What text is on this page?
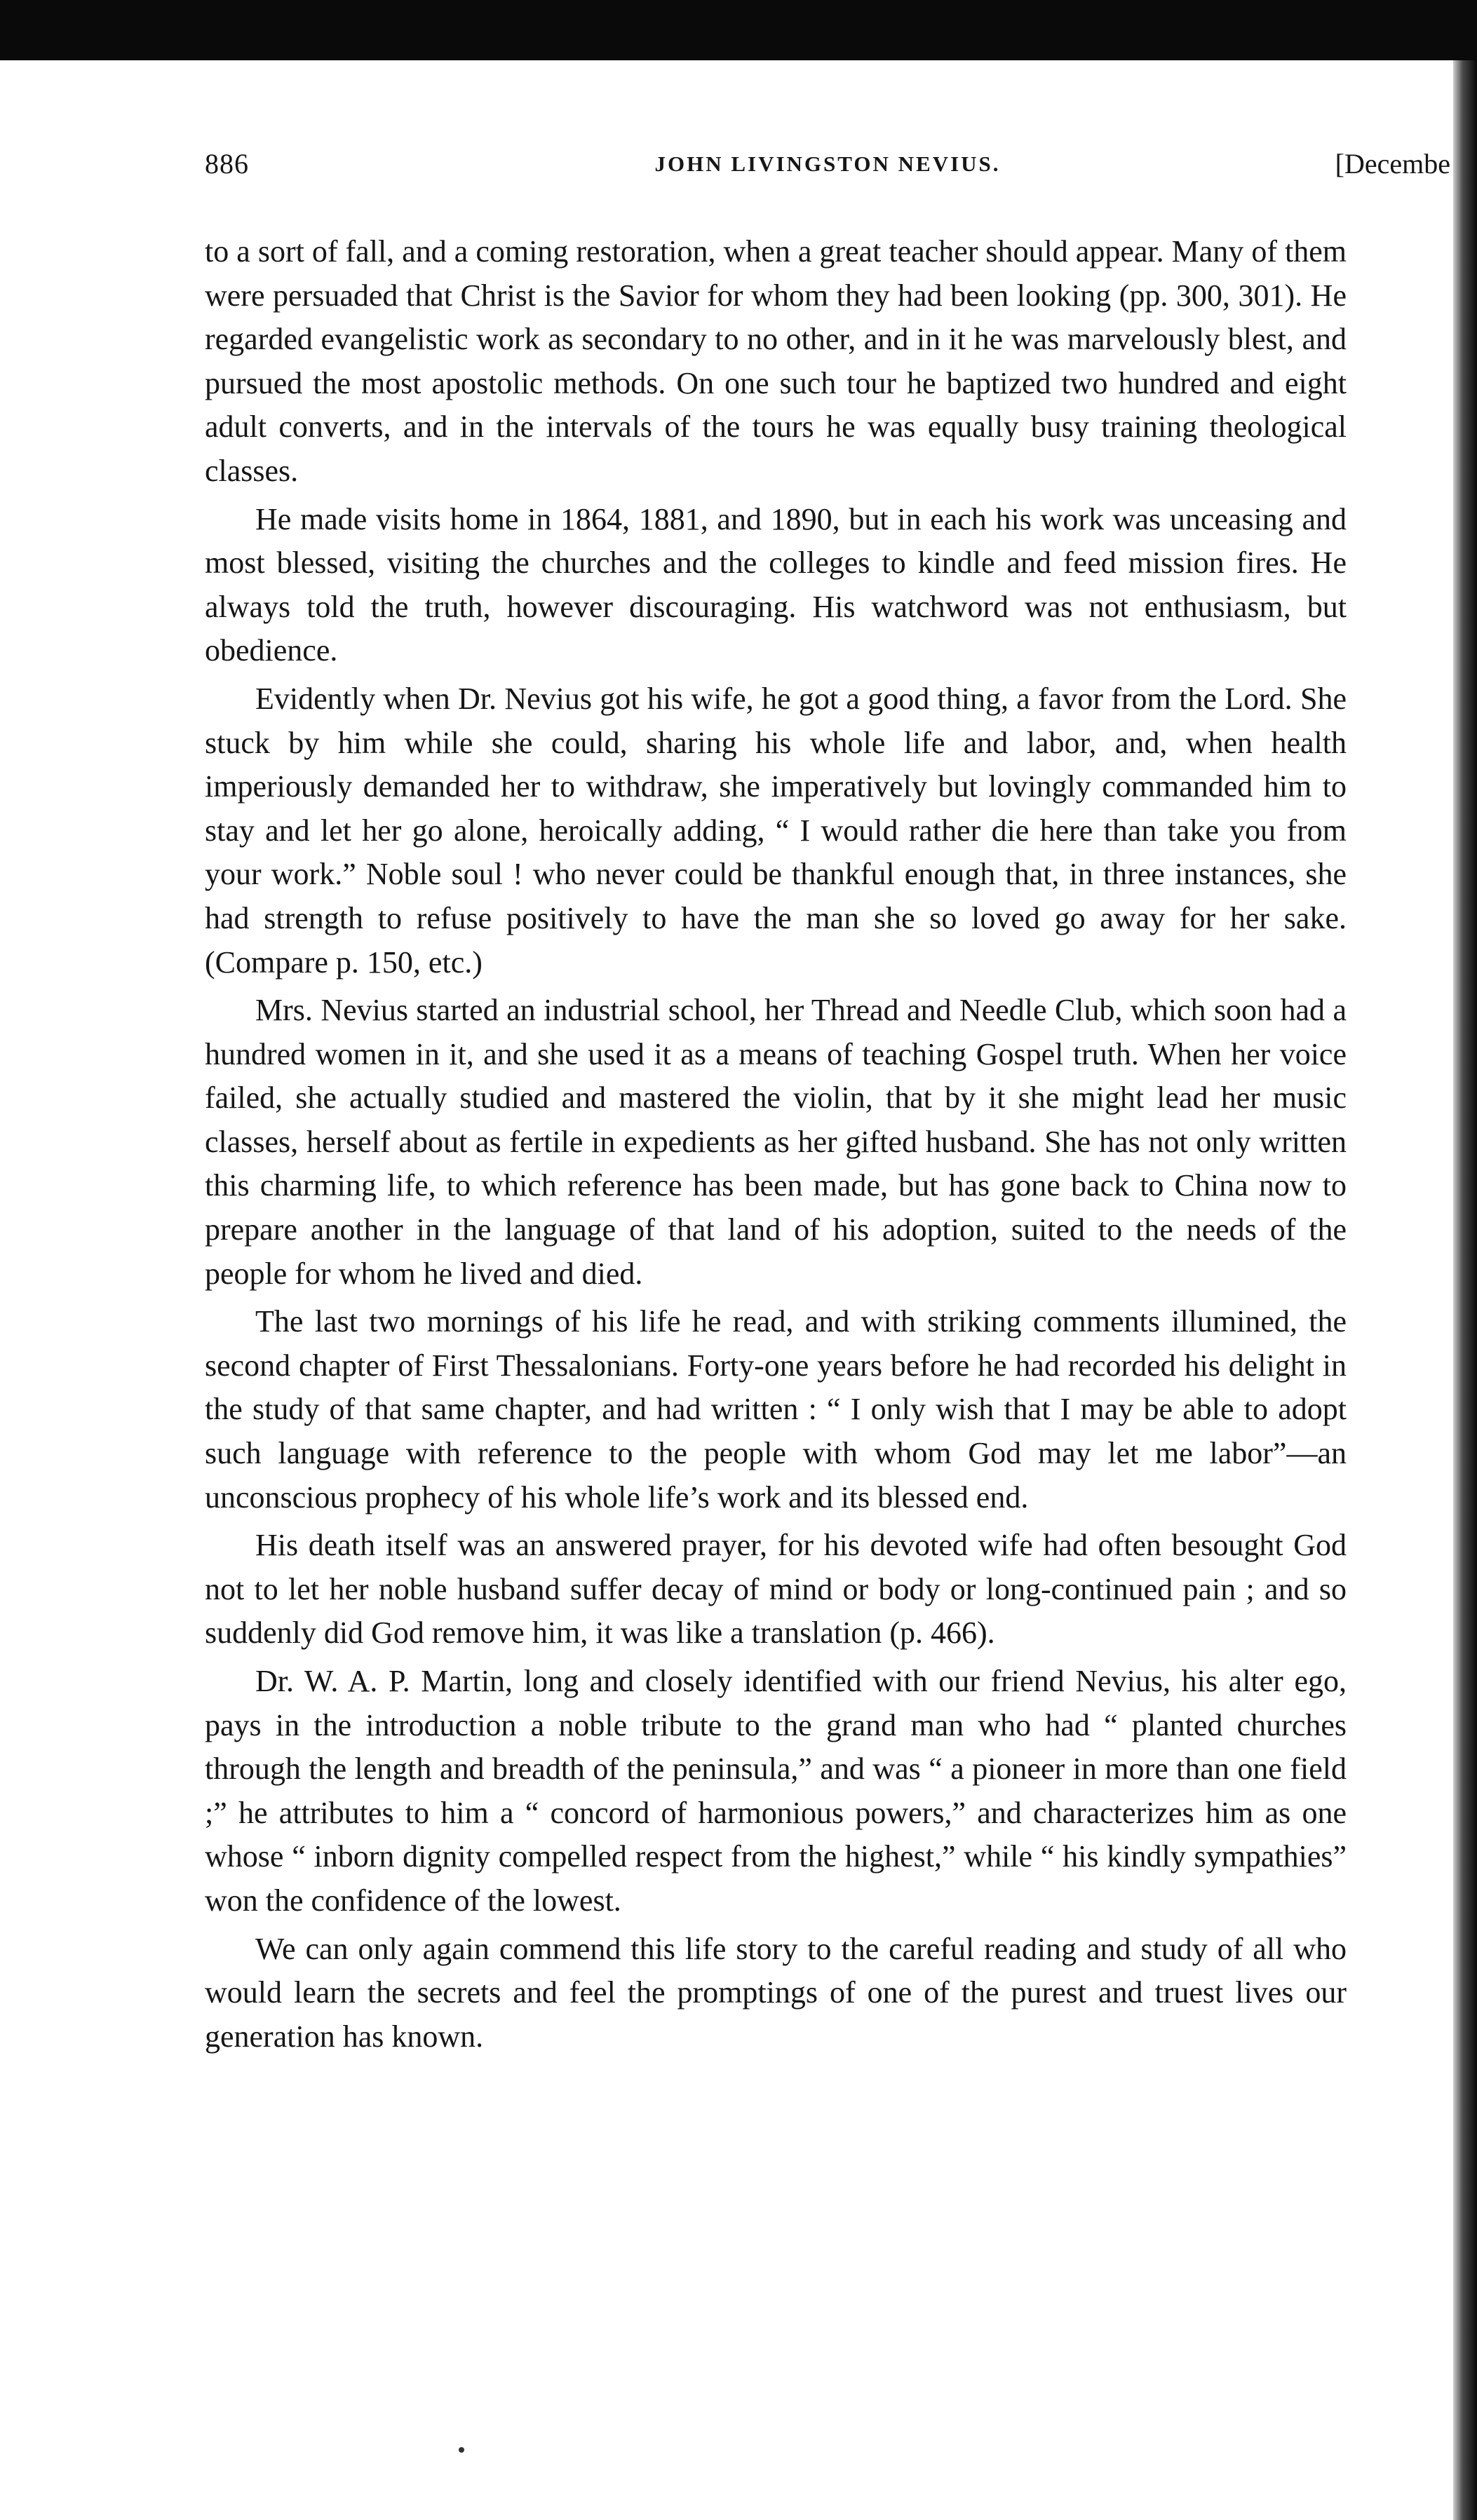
886	JOHN LIVINGSTON NEVIUS.	[Decembe

to a sort of fall, and a coming restoration, when a great teacher should appear. Many of them were persuaded that Christ is the Savior for whom they had been looking (pp. 300, 301). He regarded evangelistic work as secondary to no other, and in it he was marvelously blest, and pursued the most apostolic methods. On one such tour he baptized two hundred and eight adult converts, and in the intervals of the tours he was equally busy training theological classes.

He made visits home in 1864, 1881, and 1890, but in each his work was unceasing and most blessed, visiting the churches and the colleges to kindle and feed mission fires. He always told the truth, however discouraging. His watchword was not enthusiasm, but obedience.

Evidently when Dr. Nevius got his wife, he got a good thing, a favor from the Lord. She stuck by him while she could, sharing his whole life and labor, and, when health imperiously demanded her to withdraw, she imperatively but lovingly commanded him to stay and let her go alone, heroically adding, “ I would rather die here than take you from your work.” Noble soul ! who never could be thankful enough that, in three instances, she had strength to refuse positively to have the man she so loved go away for her sake. (Compare p. 150, etc.)

Mrs. Nevius started an industrial school, her Thread and Needle Club, which soon had a hundred women in it, and she used it as a means of teaching Gospel truth. When her voice failed, she actually studied and mastered the violin, that by it she might lead her music classes, herself about as fertile in expedients as her gifted husband. She has not only written this charming life, to which reference has been made, but has gone back to China now to prepare another in the language of that land of his adoption, suited to the needs of the people for whom he lived and died.

The last two mornings of his life he read, and with striking comments illumined, the second chapter of First Thessalonians. Forty-one years before he had recorded his delight in the study of that same chapter, and had written : “ I only wish that I may be able to adopt such language with reference to the people with whom God may let me labor”—an unconscious prophecy of his whole life’s work and its blessed end.

His death itself was an answered prayer, for his devoted wife had often besought God not to let her noble husband suffer decay of mind or body or long-continued pain ; and so suddenly did God remove him, it was like a translation (p. 466).

Dr. W. A. P. Martin, long and closely identified with our friend Nevius, his alter ego, pays in the introduction a noble tribute to the grand man who had “ planted churches through the length and breadth of the peninsula,” and was “ a pioneer in more than one field ;” he attributes to him a “ concord of harmonious powers,” and characterizes him as one whose “ inborn dignity compelled respect from the highest,” while “ his kindly sympathies” won the confidence of the lowest.

We can only again commend this life story to the careful reading and study of all who would learn the secrets and feel the promptings of one of the purest and truest lives our generation has known.
